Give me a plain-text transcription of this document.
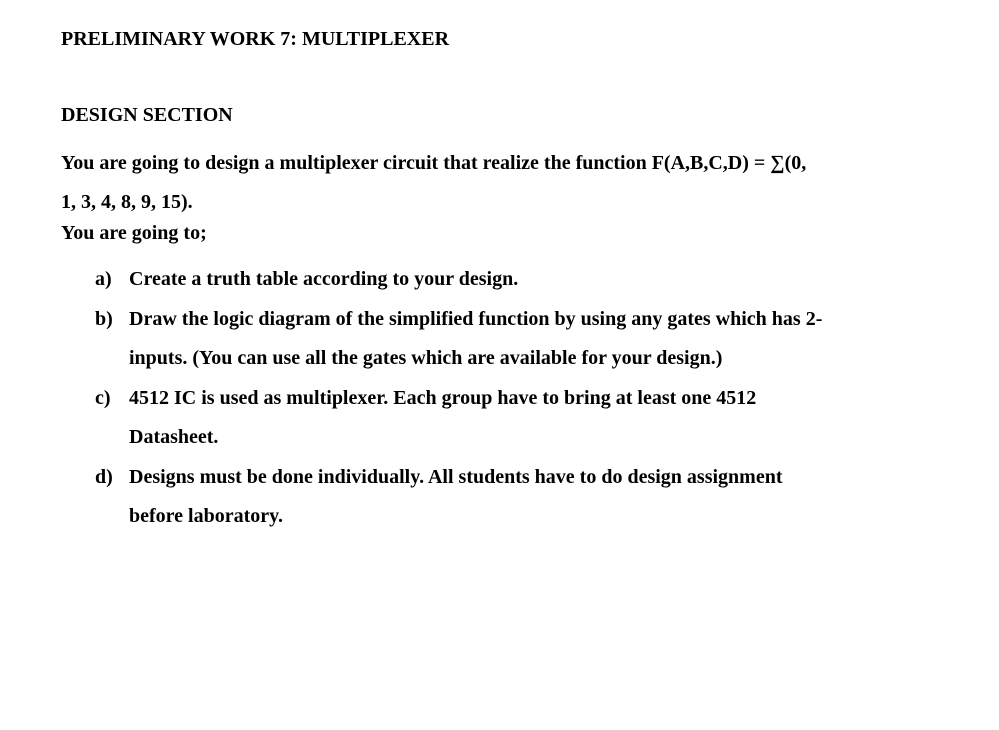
PRELIMINARY WORK 7: MULTIPLEXER
DESIGN SECTION

You are going to design a multiplexer circuit that realize the function F(A,B,C,D) = ∑(0,
1, 3, 4, 8, 9, 15).

You are going to;
a) Create a truth table according to your design.
b) Draw the logic diagram of the simplified function by using any gates which has 2-
inputs. (You can use all the gates which are available for your design.)
c) 4512 IC is used as multiplexer. Each group have to bring at least one 4512
Datasheet.
d) Designs must be done individually. All students have to do design assignment
before laboratory.
